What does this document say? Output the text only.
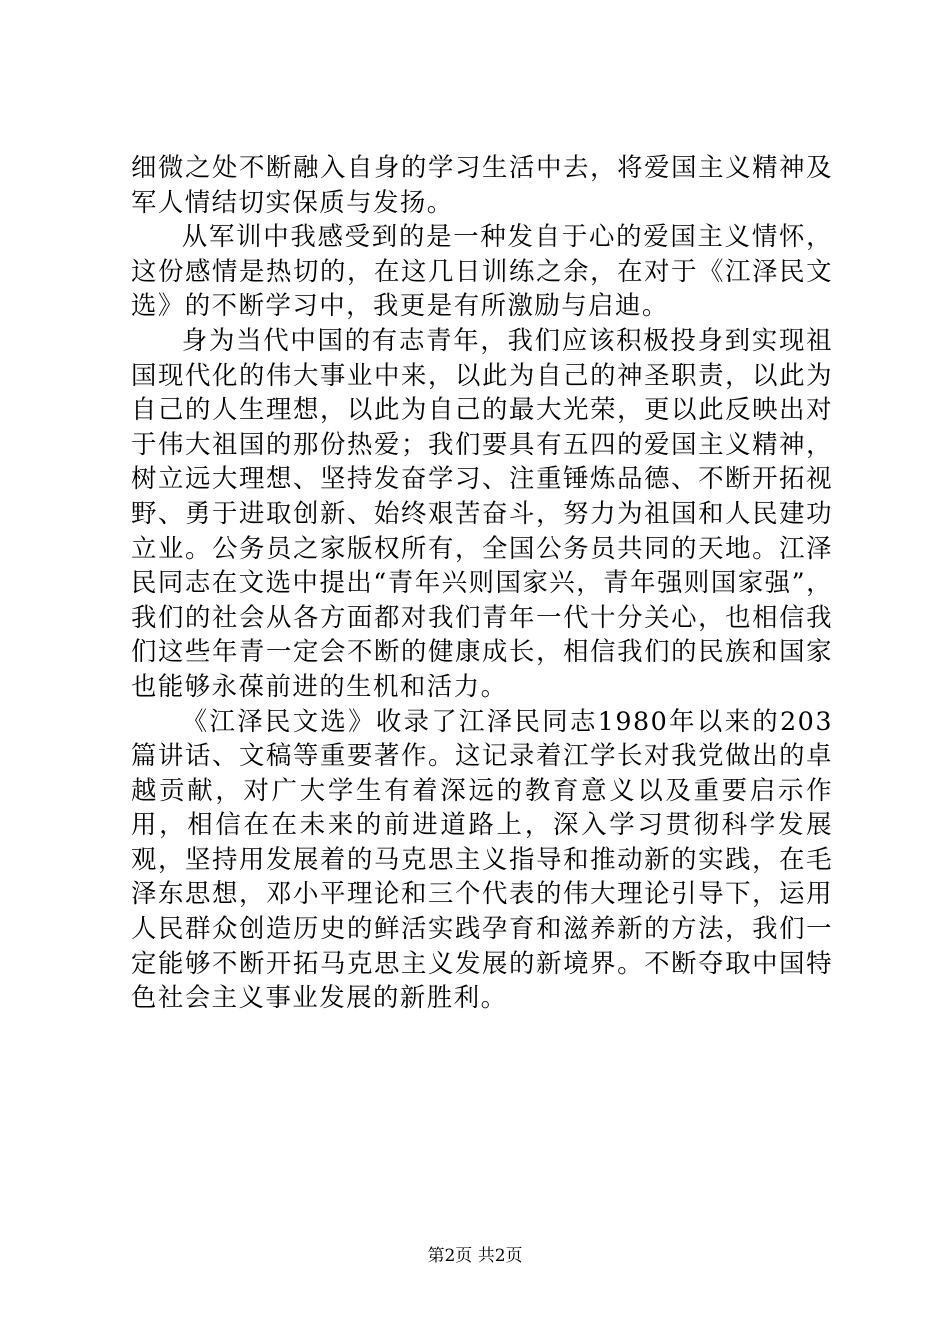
细微之处不断融入自身的学习生活中去，将爱国主义精神及军人情结切实保质与发扬。

从军训中我感受到的是一种发自于心的爱国主义情怀，这份感情是热切的，在这几日训练之余，在对于《江泽民文选》的不断学习中，我更是有所激励与启迪。

身为当代中国的有志青年，我们应该积极投身到实现祖国现代化的伟大事业中来，以此为自己的神圣职责，以此为自己的人生理想，以此为自己的最大光荣，更以此反映出对于伟大祖国的那份热爱；我们要具有五四的爱国主义精神，树立远大理想、坚持发奋学习、注重锤炼品德、不断开拓视野、勇于进取创新、始终艰苦奋斗，努力为祖国和人民建功立业。公务员之家版权所有，全国公务员共同的天地。江泽民同志在文选中提出“青年兴则国家兴，青年强则国家强”，我们的社会从各方面都对我们青年一代十分关心，也相信我们这些年青一定会不断的健康成长，相信我们的民族和国家也能够永葆前进的生机和活力。

《江泽民文选》收录了江泽民同志1980年以来的203篇讲话、文稿等重要著作。这记录着江学长对我党做出的卓越贡献，对广大学生有着深远的教育意义以及重要启示作用，相信在在未来的前进道路上，深入学习贯彻科学发展观，坚持用发展着的马克思主义指导和推动新的实践，在毛泽东思想，邓小平理论和三个代表的伟大理论引导下，运用人民群众创造历史的鲜活实践孕育和滋养新的方法，我们一定能够不断开拓马克思主义发展的新境界。不断夺取中国特色社会主义事业发展的新胜利。

第2页 共2页
